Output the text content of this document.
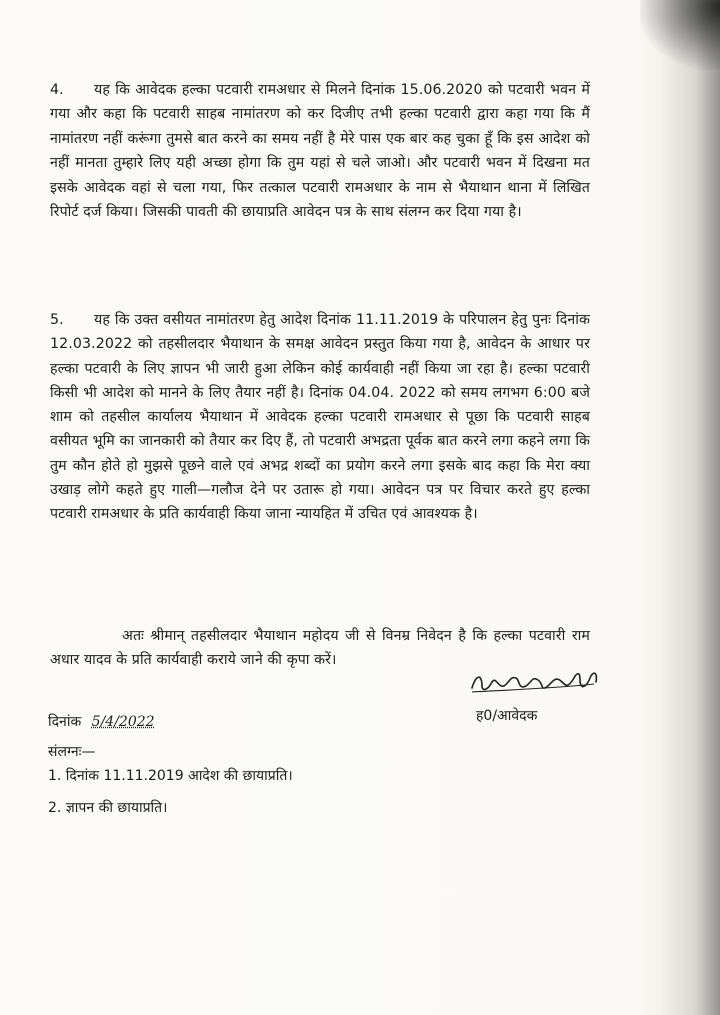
4. यह कि आवेदक हल्का पटवारी रामअधार से मिलने दिनांक 15.06.2020 को पटवारी भवन में गया और कहा कि पटवारी साहब नामांतरण को कर दिजीए तभी हल्का पटवारी द्वारा कहा गया कि मैं नामांतरण नहीं करूंगा तुमसे बात करने का समय नहीं है मेरे पास एक बार कह चुका हूँ कि इस आदेश को नहीं मानता तुम्हारे लिए यही अच्छा होगा कि तुम यहां से चले जाओ। और पटवारी भवन में दिखना मत इसके आवेदक वहां से चला गया, फिर तत्काल पटवारी रामअधार के नाम से भैयाथान थाना में लिखित रिपोर्ट दर्ज किया। जिसकी पावती की छायाप्रति आवेदन पत्र के साथ संलग्न कर दिया गया है।

5. यह कि उक्त वसीयत नामांतरण हेतु आदेश दिनांक 11.11.2019 के परिपालन हेतु पुनः दिनांक 12.03.2022 को तहसीलदार भैयाथान के समक्ष आवेदन प्रस्तुत किया गया है, आवेदन के आधार पर हल्का पटवारी के लिए ज्ञापन भी जारी हुआ लेकिन कोई कार्यवाही नहीं किया जा रहा है। हल्का पटवारी किसी भी आदेश को मानने के लिए तैयार नहीं है। दिनांक 04.04. 2022 को समय लगभग 6:00 बजे शाम को तहसील कार्यालय भैयाथान में आवेदक हल्का पटवारी रामअधार से पूछा कि पटवारी साहब वसीयत भूमि का जानकारी को तैयार कर दिए हैं, तो पटवारी अभद्रता पूर्वक बात करने लगा कहने लगा कि तुम कौन होते हो मुझसे पूछने वाले एवं अभद्र शब्दों का प्रयोग करने लगा इसके बाद कहा कि मेरा क्या उखाड़ लोगे कहते हुए गाली—गलौज देने पर उतारू हो गया। आवेदन पत्र पर विचार करते हुए हल्का पटवारी रामअधार के प्रति कार्यवाही किया जाना न्यायहित में उचित एवं आवश्यक है।

अतः श्रीमान् तहसीलदार भैयाथान महोदय जी से विनम्र निवेदन है कि हल्का पटवारी राम अधार यादव के प्रति कार्यवाही कराये जाने की कृपा करें।

ह0/आवेदक
दिनांक 5/4/2022
संलग्नः—
1. दिनांक 11.11.2019 आदेश की छायाप्रति।
2. ज्ञापन की छायाप्रति।
